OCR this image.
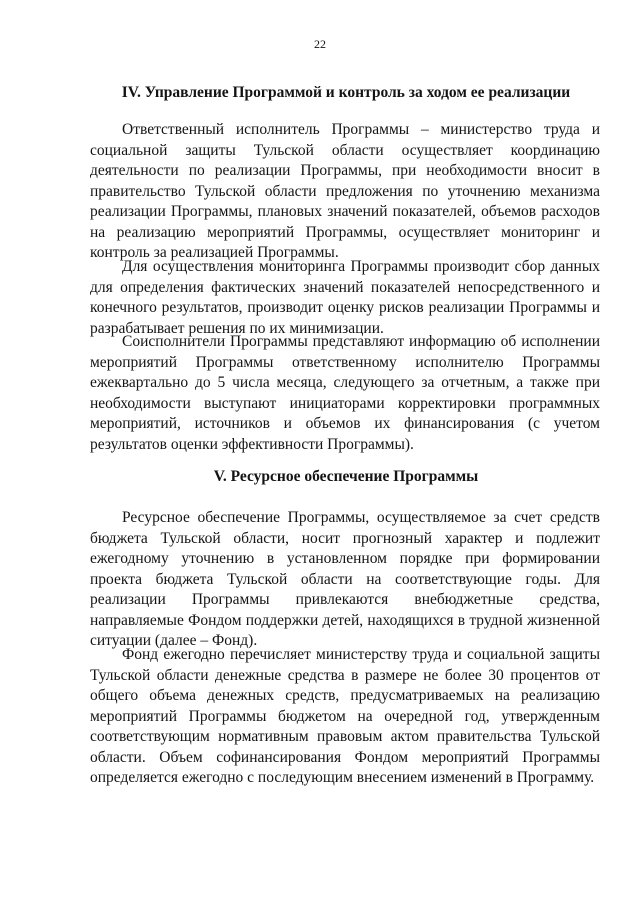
22
IV. Управление Программой и контроль за ходом ее реализации

Ответственный исполнитель Программы – министерство труда и социальной защиты Тульской области осуществляет координацию деятельности по реализации Программы, при необходимости вносит в правительство Тульской области предложения по уточнению механизма реализации Программы, плановых значений показателей, объемов расходов на реализацию мероприятий Программы, осуществляет мониторинг и контроль за реализацией Программы.

Для осуществления мониторинга Программы производит сбор данных для определения фактических значений показателей непосредственного и конечного результатов, производит оценку рисков реализации Программы и разрабатывает решения по их минимизации.

Соисполнители Программы представляют информацию об исполнении мероприятий Программы ответственному исполнителю Программы ежеквартально до 5 числа месяца, следующего за отчетным, а также при необходимости выступают инициаторами корректировки программных мероприятий, источников и объемов их финансирования (с учетом результатов оценки эффективности Программы).

V. Ресурсное обеспечение Программы

Ресурсное обеспечение Программы, осуществляемое за счет средств бюджета Тульской области, носит прогнозный характер и подлежит ежегодному уточнению в установленном порядке при формировании проекта бюджета Тульской области на соответствующие годы. Для реализации Программы привлекаются внебюджетные средства, направляемые Фондом поддержки детей, находящихся в трудной жизненной ситуации (далее – Фонд).

Фонд ежегодно перечисляет министерству труда и социальной защиты Тульской области денежные средства в размере не более 30 процентов от общего объема денежных средств, предусматриваемых на реализацию мероприятий Программы бюджетом на очередной год, утвержденным соответствующим нормативным правовым актом правительства Тульской области. Объем софинансирования Фондом мероприятий Программы определяется ежегодно с последующим внесением изменений в Программу.
